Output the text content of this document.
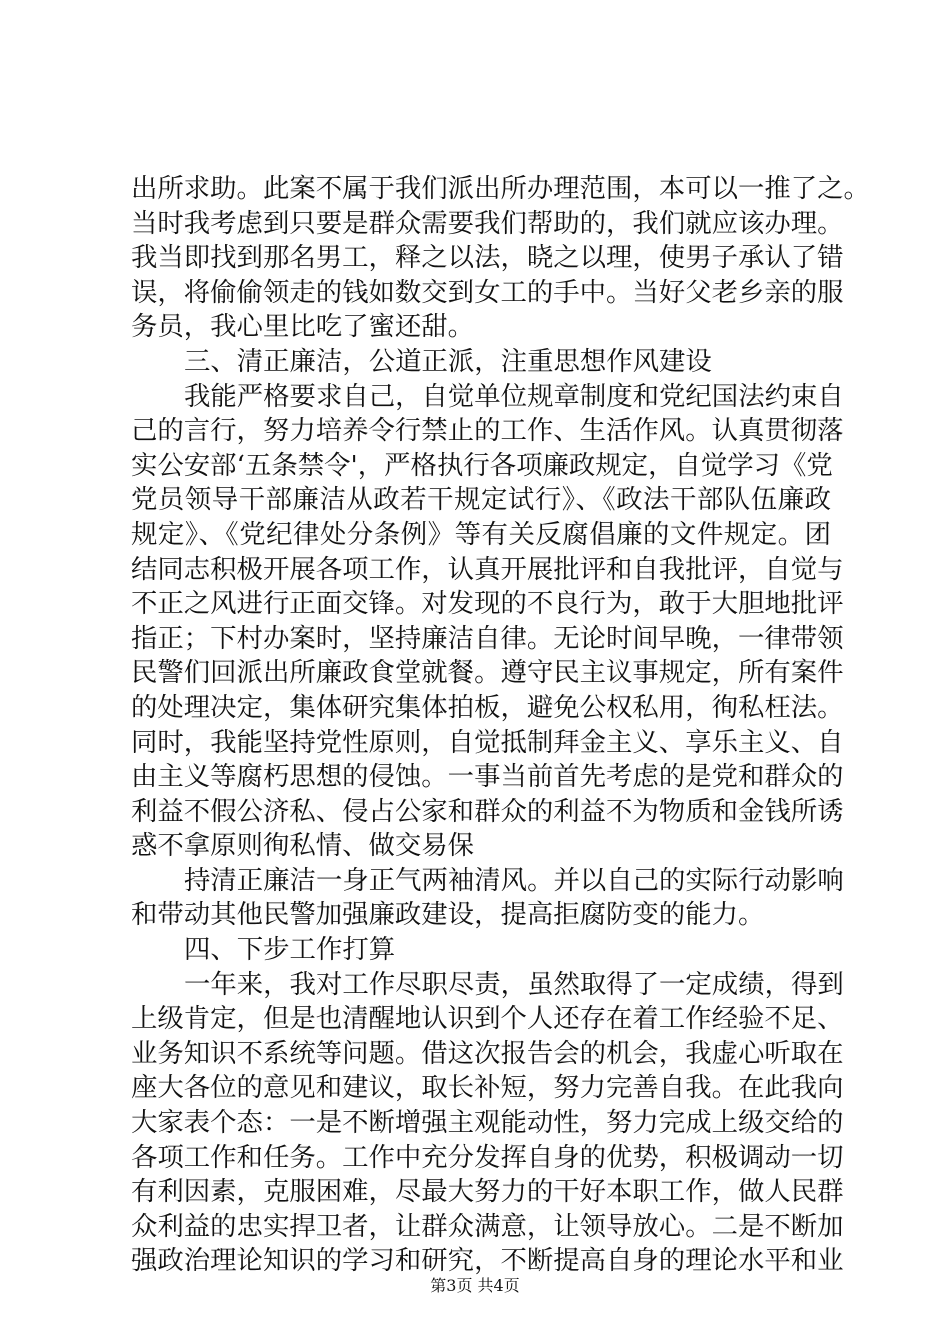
出所求助。此案不属于我们派出所办理范围，本可以一推了之。
当时我考虑到只要是群众需要我们帮助的，我们就应该办理。
我当即找到那名男工，释之以法，晓之以理，使男子承认了错
误，将偷偷领走的钱如数交到女工的手中。当好父老乡亲的服
务员，我心里比吃了蜜还甜。
三、清正廉洁，公道正派，注重思想作风建设
我能严格要求自己，自觉单位规章制度和党纪国法约束自
己的言行，努力培养令行禁止的工作、生活作风。认真贯彻落
实公安部‘五条禁令'，严格执行各项廉政规定，自觉学习《党
党员领导干部廉洁从政若干规定试行》、《政法干部队伍廉政
规定》、《党纪律处分条例》等有关反腐倡廉的文件规定。团
结同志积极开展各项工作，认真开展批评和自我批评，自觉与
不正之风进行正面交锋。对发现的不良行为，敢于大胆地批评
指正；下村办案时，坚持廉洁自律。无论时间早晚，一律带领
民警们回派出所廉政食堂就餐。遵守民主议事规定，所有案件
的处理决定，集体研究集体拍板，避免公权私用，徇私枉法。
同时，我能坚持党性原则，自觉抵制拜金主义、享乐主义、自
由主义等腐朽思想的侵蚀。一事当前首先考虑的是党和群众的
利益不假公济私、侵占公家和群众的利益不为物质和金钱所诱
惑不拿原则徇私情、做交易保
持清正廉洁一身正气两袖清风。并以自己的实际行动影响
和带动其他民警加强廉政建设，提高拒腐防变的能力。
四、下步工作打算
一年来，我对工作尽职尽责，虽然取得了一定成绩，得到
上级肯定，但是也清醒地认识到个人还存在着工作经验不足、
业务知识不系统等问题。借这次报告会的机会，我虚心听取在
座大各位的意见和建议，取长补短，努力完善自我。在此我向
大家表个态：一是不断增强主观能动性，努力完成上级交给的
各项工作和任务。工作中充分发挥自身的优势，积极调动一切
有利因素，克服困难，尽最大努力的干好本职工作，做人民群
众利益的忠实捍卫者，让群众满意，让领导放心。二是不断加
强政治理论知识的学习和研究，不断提高自身的理论水平和业
第3页 共4页
